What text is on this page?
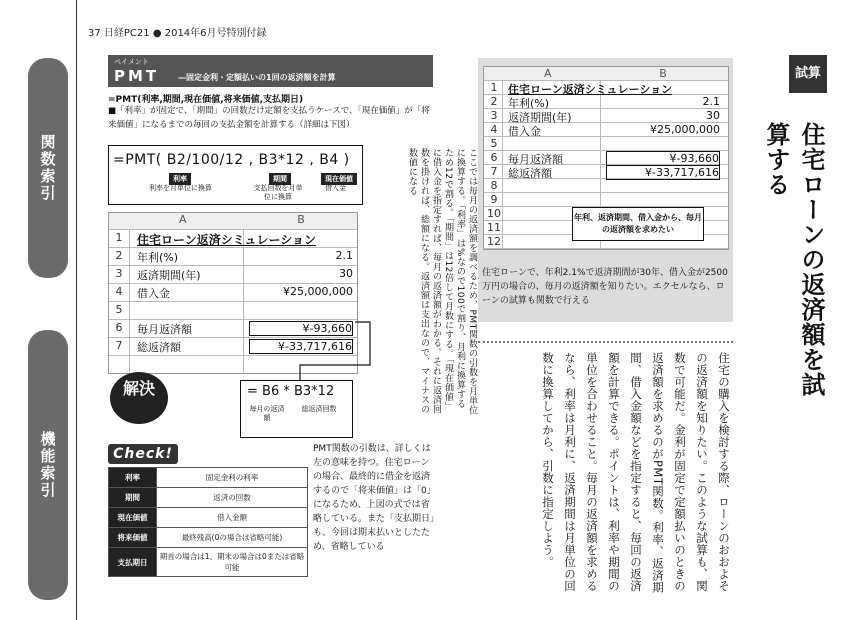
関数索引
機能索引
37 日経PC21 ● 2014年6月号特別付録
ペイメント
PMT —固定金利・定額払いの1回の返済額を計算
=PMT(利率,期間,現在価値,将来価値,支払期日)
■「利率」が固定で、「期間」の回数だけ定額を支払うケースで、「現在価値」が「将来価値」になるまでの毎回の支払金額を計算する（詳細は下図）
=PMT( B2/100/12 , B3*12 , B4 )
利率	期間	現在価値
利率を月単位に換算	支払回数を月単位に換算
借入金
A	B
1	住宅ローン返済シミュレーション
2	年利(%)	2.1
3	返済期間(年)	30
4	借入金	¥25,000,000
5
6	毎月返済額	¥-93,660
7	総返済額	¥-33,717,616
解決	= B6 * B3*12
毎月の返済額
総返済回数	ここでは毎月の返済額を調べるため、PMT関数の引数を月単位に換算する。「利率」は%なので100で割り、月利に換算するため12で割る。「期間」は12倍して月数にする。「現在価値」に借入金を指定すれば、毎月の返済額がわかる。それに返済回数を掛ければ、総額になる。返済額は支出なので、マイナスの数値になる
Check!
利率	固定金利の利率
期間	返済の回数
現在価値	借入金額
将来価値	最終残高(0の場合は省略可能)
支払期日	期首の場合は1、期末の場合は0または省略可能
PMT関数の引数は、詳しくは左の意味を持つ。住宅ローンの場合、最終的に借金を返済するので「将来価値」は「0」になるため、上図の式では省略している。また「支払期日」も、今回は期末払いとしたため、省略している
A	B
1 住宅ローン返済シミュレーション
2 年利(%)	2.1
3 返済期間(年)	30
4 借入金	¥25,000,000
5
6 毎月返済額	¥-93,660
7 総返済額	¥-33,717,616
8
9
10
11
12
年利、返済期間、借入金から、毎月の返済額を求めたい
住宅ローンで、年利2.1%で返済期間が30年、借入金が2500万円の場合の、毎月の返済額を知りたい。エクセルなら、ローンの試算も関数で行える
住宅の購入を検討する際、ローンのおおよその返済額を知りたい。このような試算も、関数で可能だ。金利が固定で定額払いのときの返済額を求めるのがPMT関数。利率、返済期間、借入金額などを指定すると、毎回の返済額を計算できる。ポイントは、利率や期間の単位を合わせること。毎月の返済額を求めるなら、利率は月利に、返済期間は月単位の回数に換算してから、引数に指定しよう。
試算
住宅ローンの返済額を試算する
